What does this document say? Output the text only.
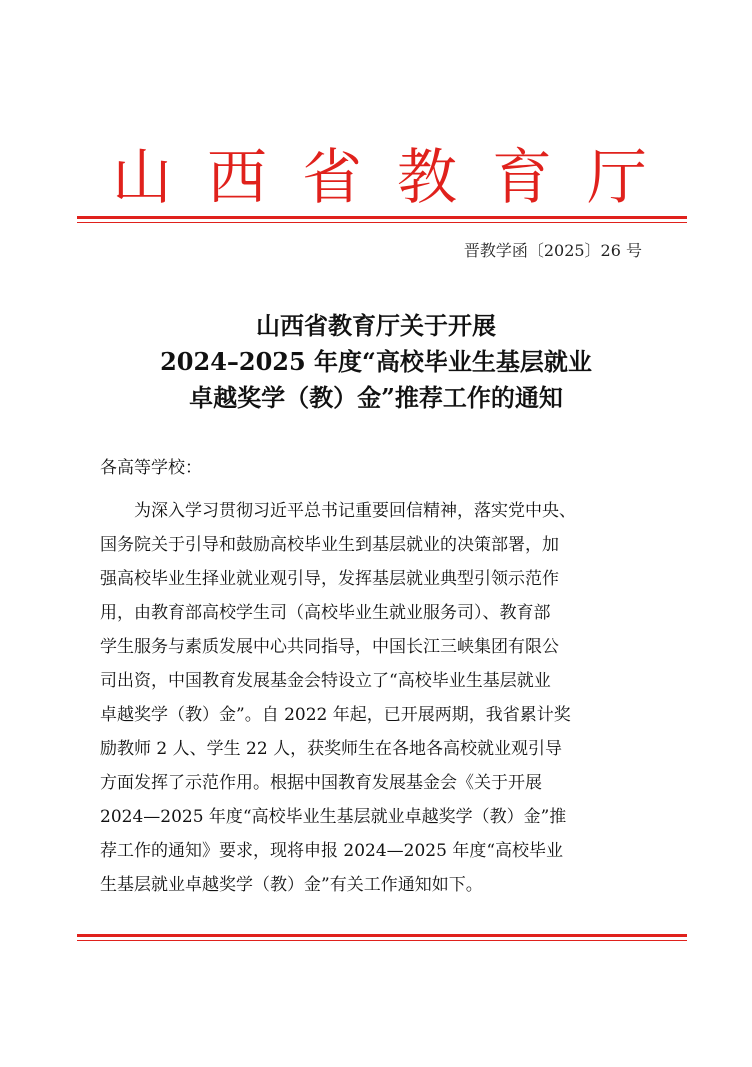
山 西 省 教 育 厅
晋教学函〔2025〕26 号
山西省教育厅关于开展
2024–2025 年度“高校毕业生基层就业
卓越奖学（教）金”推荐工作的通知
各高等学校：
　　为深入学习贯彻习近平总书记重要回信精神，落实党中央、
国务院关于引导和鼓励高校毕业生到基层就业的决策部署，加
强高校毕业生择业就业观引导，发挥基层就业典型引领示范作
用，由教育部高校学生司（高校毕业生就业服务司）、教育部
学生服务与素质发展中心共同指导，中国长江三峡集团有限公
司出资，中国教育发展基金会特设立了“高校毕业生基层就业
卓越奖学（教）金”。自 2022 年起，已开展两期，我省累计奖
励教师 2 人、学生 22 人，获奖师生在各地各高校就业观引导
方面发挥了示范作用。根据中国教育发展基金会《关于开展
2024—2025 年度“高校毕业生基层就业卓越奖学（教）金”推
荐工作的通知》要求，现将申报 2024—2025 年度“高校毕业
生基层就业卓越奖学（教）金”有关工作通知如下。
